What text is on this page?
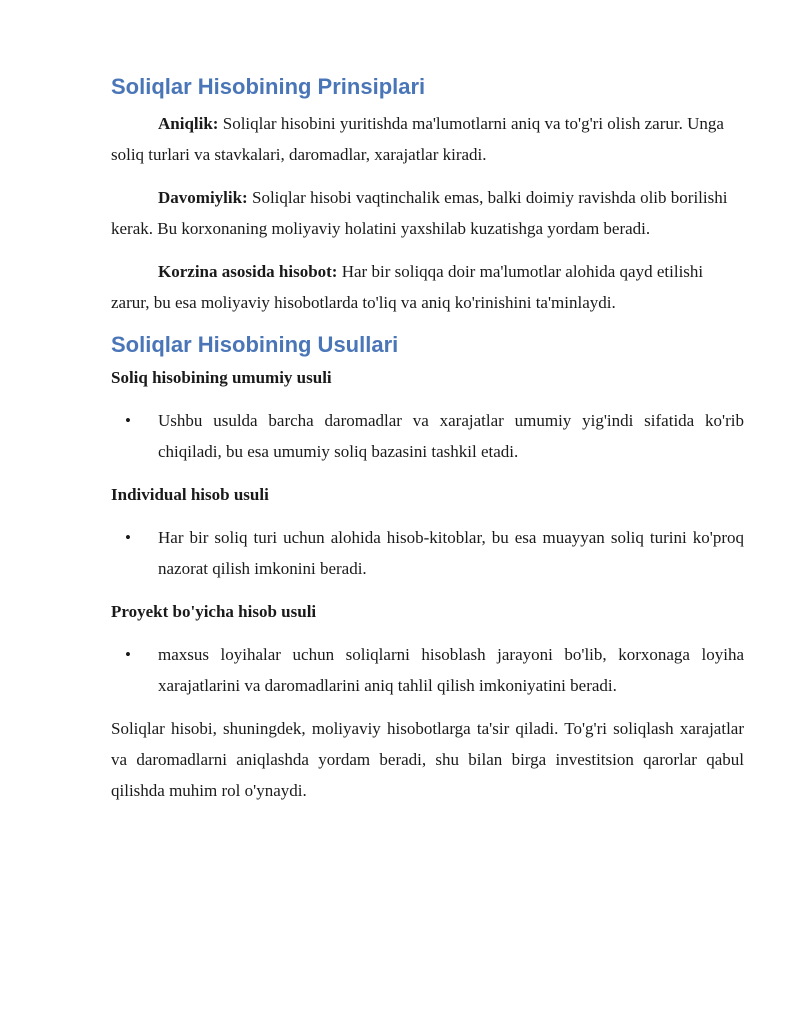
Soliqlar Hisobining Prinsiplari

Aniqlik: Soliqlar hisobini yuritishda ma'lumotlarni aniq va to'g'ri olish zarur. Unga soliq turlari va stavkalari, daromadlar, xarajatlar kiradi.

Davomiylik: Soliqlar hisobi vaqtinchalik emas, balki doimiy ravishda olib borilishi kerak. Bu korxonaning moliyaviy holatini yaxshilab kuzatishga yordam beradi.

Korzina asosida hisobot: Har bir soliqqa doir ma'lumotlar alohida qayd etilishi zarur, bu esa moliyaviy hisobotlarda to'liq va aniq ko'rinishini ta'minlaydi.

Soliqlar Hisobining Usullari

Soliq hisobining umumiy usuli

• Ushbu usulda barcha daromadlar va xarajatlar umumiy yig'indi sifatida ko'rib chiqiladi, bu esa umumiy soliq bazasini tashkil etadi.

Individual hisob usuli

• Har bir soliq turi uchun alohida hisob-kitoblar, bu esa muayyan soliq turini ko'proq nazorat qilish imkonini beradi.

Proyekt bo'yicha hisob usuli

• maxsus loyihalar uchun soliqlarni hisoblash jarayoni bo'lib, korxonaga loyiha xarajatlarini va daromadlarini aniq tahlil qilish imkoniyatini beradi.

Soliqlar hisobi, shuningdek, moliyaviy hisobotlarga ta'sir qiladi. To'g'ri soliqlash xarajatlar va daromadlarni aniqlashda yordam beradi, shu bilan birga investitsion qarorlar qabul qilishda muhim rol o'ynaydi.
